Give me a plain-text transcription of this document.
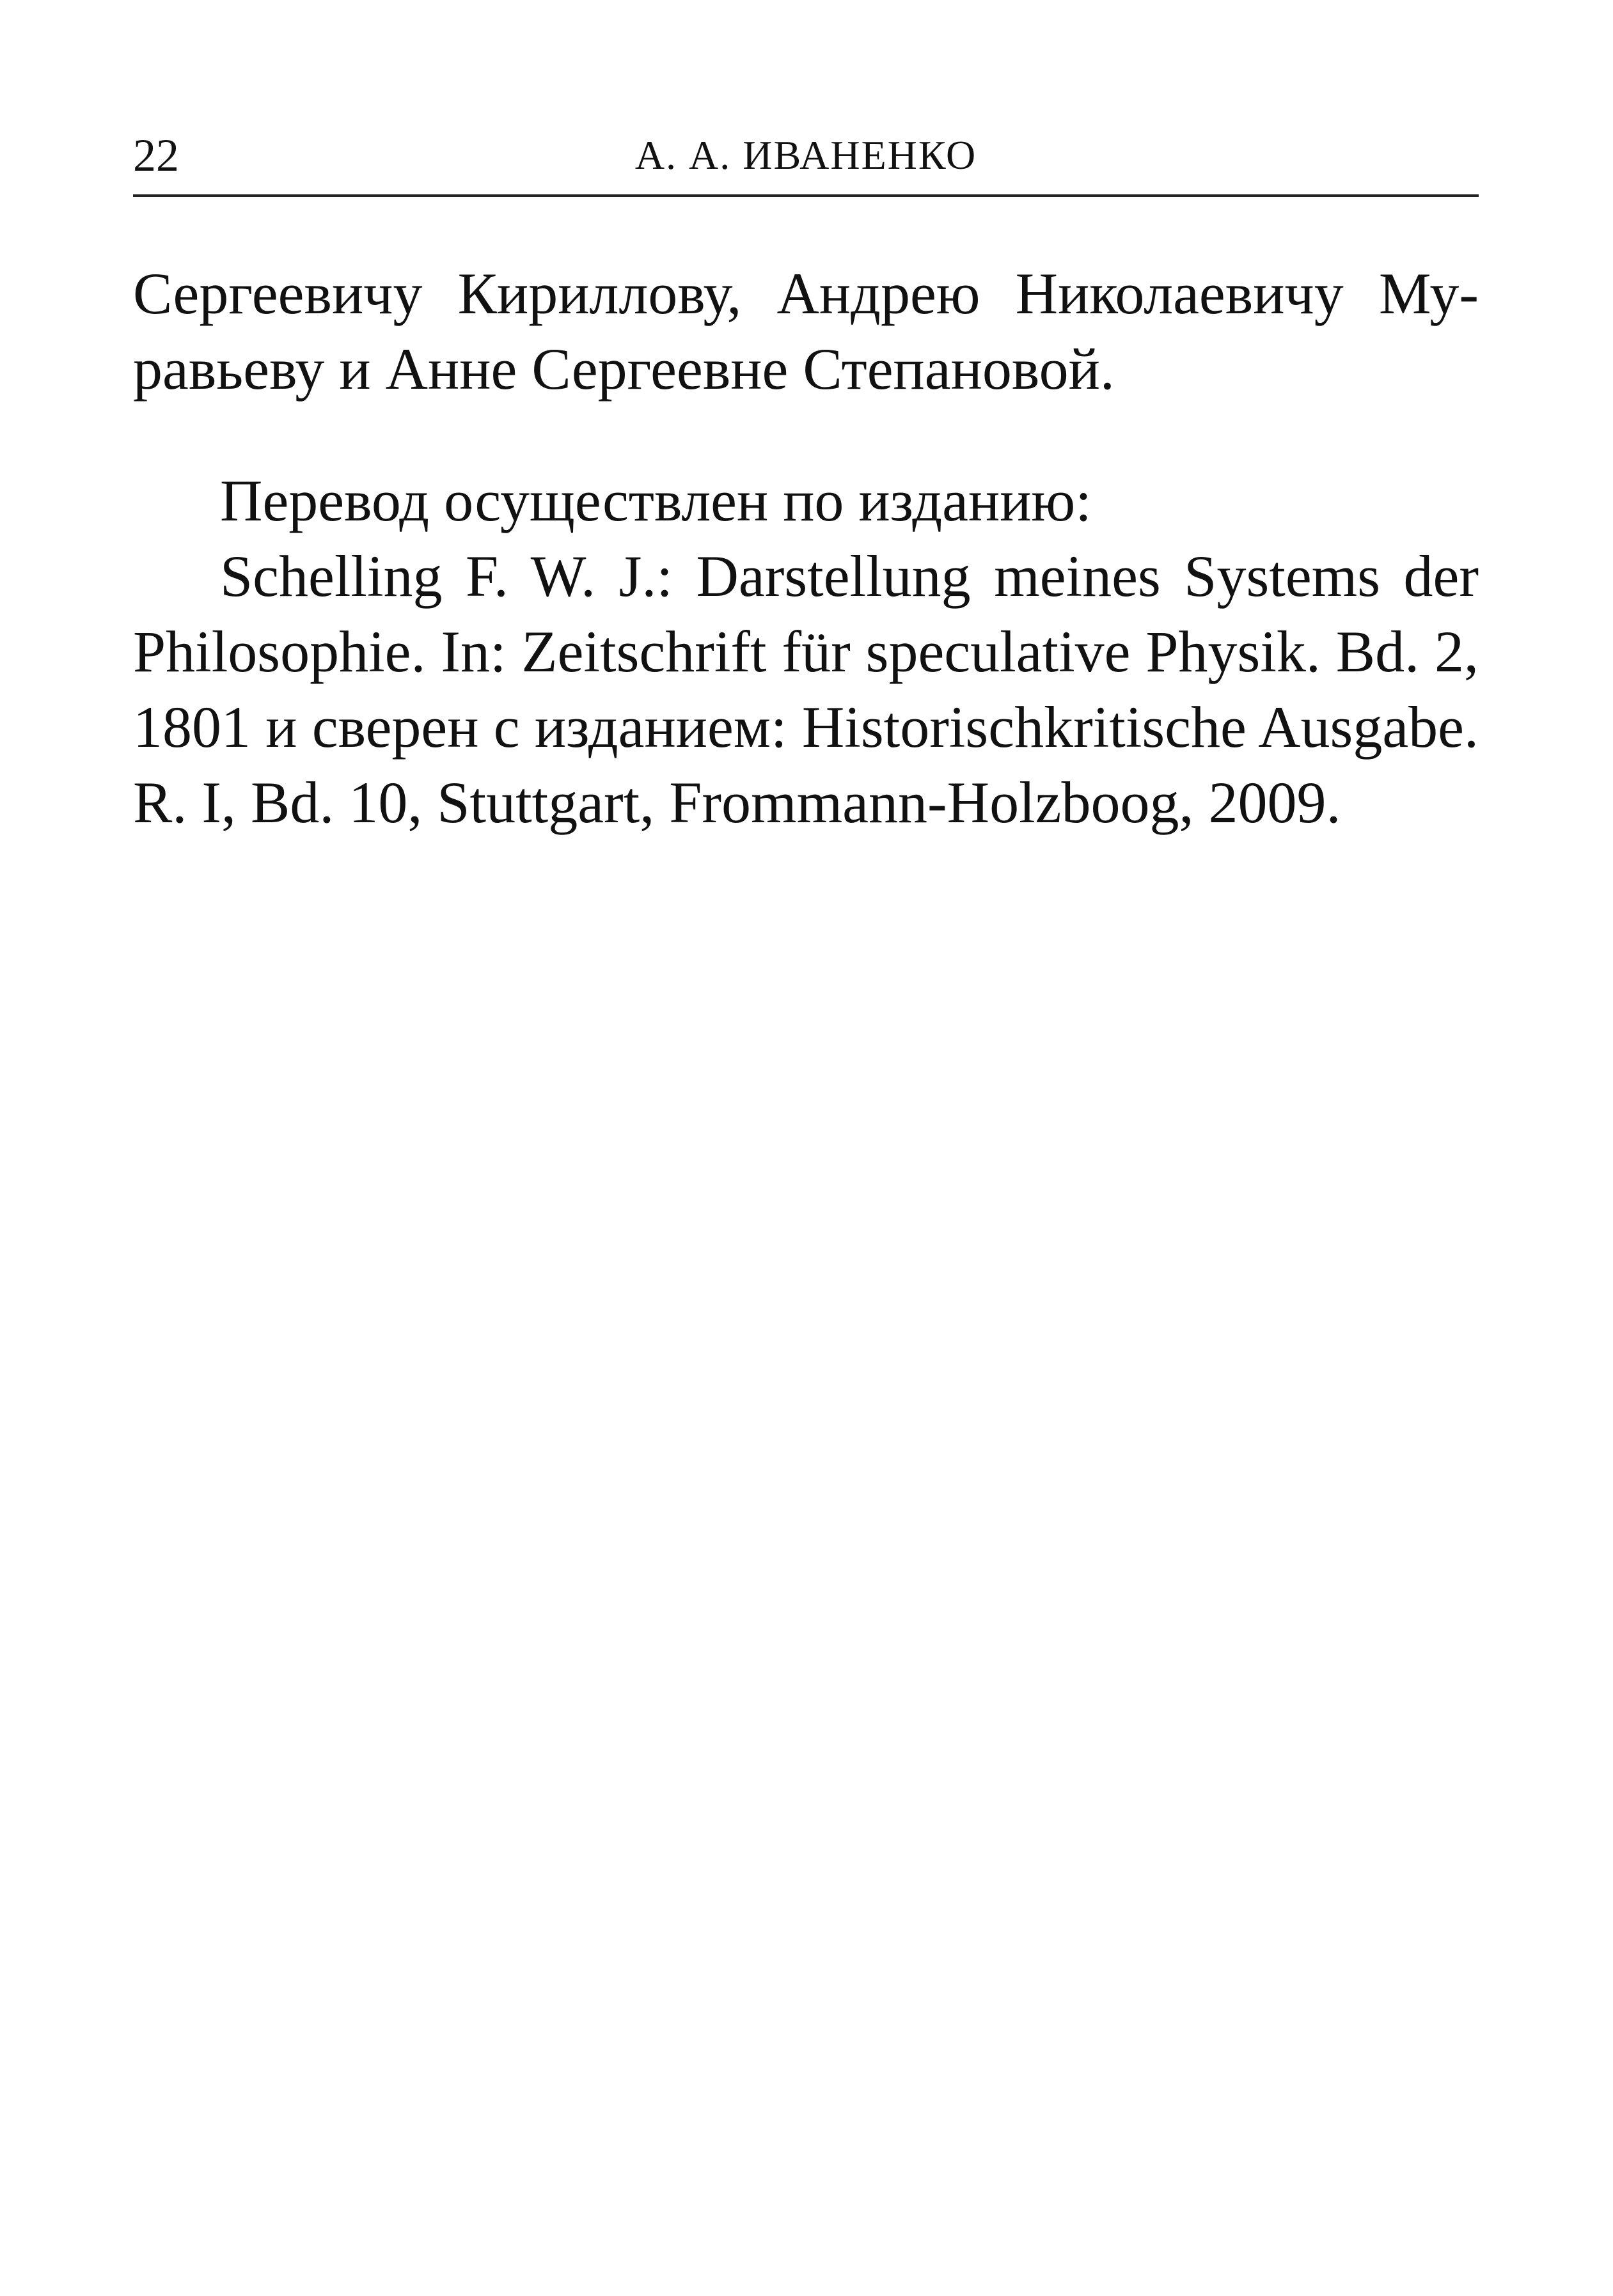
22	А. А. ИВАНЕНКО
Сергеевичу Кириллову, Андрею Николаевичу Му-
равьеву и Анне Сергеевне Степановой.
Перевод осуществлен по изданию:
Schelling F. W. J.: Darstellung meines Systems der
Philosophie. In: Zeitschrift für speculative Physik. Bd. 2,
1801 и сверен с изданием: Historischkritische Ausgabe.
R. I, Bd. 10, Stuttgart, Frommann-Holzboog, 2009.
